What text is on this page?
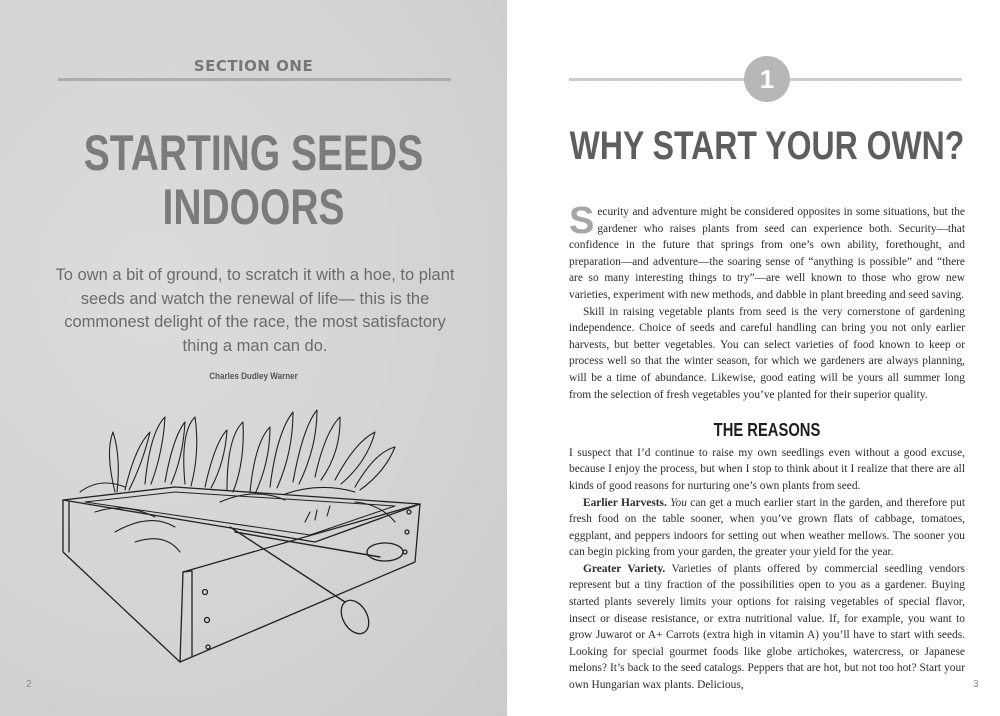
SECTION ONE
STARTING SEEDS
INDOORS
To own a bit of ground, to scratch it with a hoe, to plant seeds and watch the renewal of life— this is the commonest delight of the race, the most satisfactory thing a man can do.
Charles Dudley Warner
2
1
WHY START YOUR OWN?

Security and adventure might be considered opposites in some situations, but the gardener who raises plants from seed can experience both. Security—that confidence in the future that springs from one’s own ability, forethought, and preparation—and adventure—the soaring sense of “anything is possible” and “there are so many interesting things to try”—are well known to those who grow new varieties, experiment with new methods, and dabble in plant breeding and seed saving.

Skill in raising vegetable plants from seed is the very cornerstone of gardening independence. Choice of seeds and careful handling can bring you not only earlier harvests, but better vegetables. You can select varieties of food known to keep or process well so that the winter season, for which we gardeners are always planning, will be a time of abundance. Likewise, good eating will be yours all summer long from the selection of fresh vegetables you’ve planted for their superior quality.

THE REASONS

I suspect that I’d continue to raise my own seedlings even without a good excuse, because I enjoy the process, but when I stop to think about it I realize that there are all kinds of good reasons for nurturing one’s own plants from seed.

Earlier Harvests. You can get a much earlier start in the garden, and therefore put fresh food on the table sooner, when you’ve grown flats of cabbage, tomatoes, eggplant, and peppers indoors for setting out when weather mellows. The sooner you can begin picking from your garden, the greater your yield for the year.

Greater Variety. Varieties of plants offered by commercial seedling vendors represent but a tiny fraction of the possibilities open to you as a gardener. Buying started plants severely limits your options for raising vegetables of special flavor, insect or disease resistance, or extra nutritional value. If, for example, you want to grow Juwarot or A+ Carrots (extra high in vitamin A) you’ll have to start with seeds. Looking for special gourmet foods like globe artichokes, watercress, or Japanese melons? It’s back to the seed catalogs. Peppers that are hot, but not too hot? Start your own Hungarian wax plants. Delicious,	3
